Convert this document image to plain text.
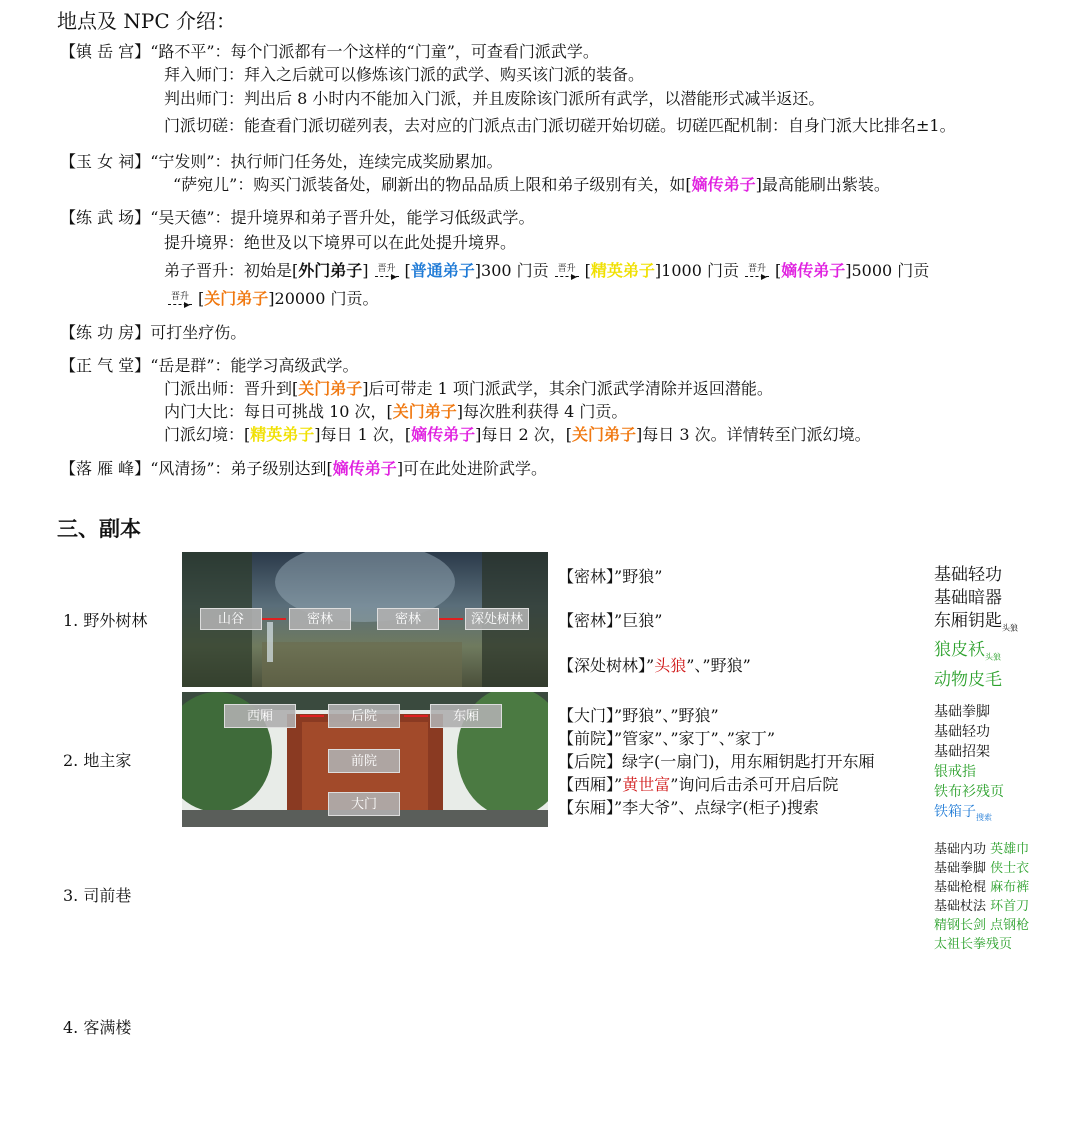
地点及 NPC 介绍：
【镇 岳 宫】“路不平”：每个门派都有一个这样的“门童”，可查看门派武学。
拜入师门：拜入之后就可以修炼该门派的武学、购买该门派的装备。
判出师门：判出后 8 小时内不能加入门派，并且废除该门派所有武学，以潜能形式减半返还。
门派切磋：能查看门派切磋列表，去对应的门派点击门派切磋开始切磋。切磋匹配机制：自身门派大比排名±1。
【玉 女 祠】“宁发则”：执行师门任务处，连续完成奖励累加。
“萨宛儿”：购买门派装备处，刷新出的物品品质上限和弟子级别有关，如[嫡传弟子]最高能刷出紫装。
【练 武 场】“吴天德”：提升境界和弟子晋升处，能学习低级武学。
提升境界：绝世及以下境界可以在此处提升境界。
弟子晋升：初始是[外门弟子] 晋升 [普通弟子]300 门贡 晋升 [精英弟子]1000 门贡 晋升 [嫡传弟子]5000 门贡
晋升 [关门弟子]20000 门贡。
【练 功 房】可打坐疗伤。
【正 气 堂】“岳是群”：能学习高级武学。
门派出师：晋升到[关门弟子]后可带走 1 项门派武学，其余门派武学清除并返回潜能。
内门大比：每日可挑战 10 次，[关门弟子]每次胜利获得 4 门贡。
门派幻境：[精英弟子]每日 1 次，[嫡传弟子]每日 2 次，[关门弟子]每日 3 次。详情转至门派幻境。
【落 雁 峰】“风清扬”：弟子级别达到[嫡传弟子]可在此处进阶武学。
三、副本
1. 野外树林	山谷	密林	密林	深处树林
【密林】”野狼”
【密林】”巨狼”
【深处树林】”头狼”、”野狼”
基础轻功
基础暗器
东厢钥匙$_{头狼}$
狼皮袄$_{头狼}$
动物皮毛
2. 地主家
西厢	后院	东厢
前院
大门
【大门】”野狼”、”野狼”
【前院】”管家”、”家丁”、”家丁”
【后院】绿字(一扇门)，用东厢钥匙打开东厢
【西厢】”黄世富”询问后击杀可开启后院
【东厢】”李大爷”、点绿字(柜子)搜索
基础拳脚
基础轻功
基础招架
银戒指
铁布衫残页
铁箱子$_{搜索}$
3. 司前巷
基础内功 英雄巾
基础拳脚 侠士衣
基础枪棍 麻布裤
基础杖法 环首刀
精钢长剑 点钢枪
太祖长拳残页
4. 客满楼
